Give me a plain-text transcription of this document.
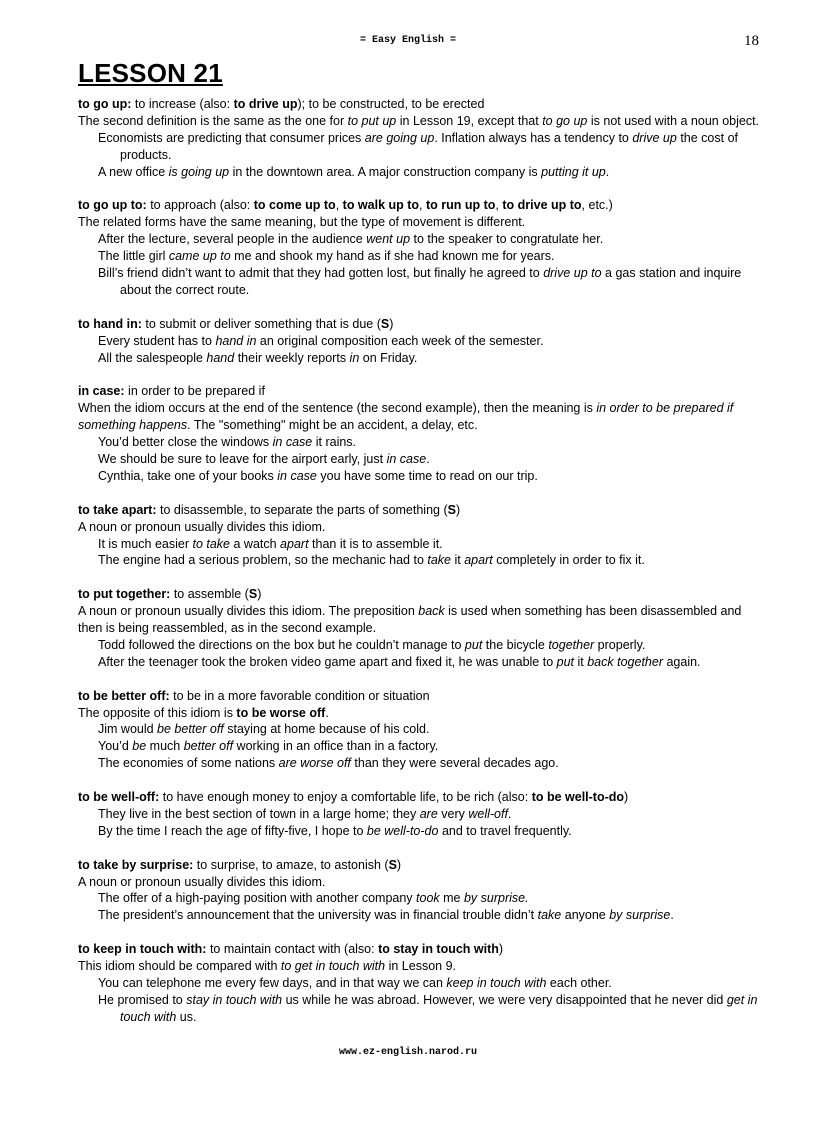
= Easy English =	18
LESSON 21

to go up: to increase (also: to drive up); to be constructed, to be erected

The second definition is the same as the one for to put up in Lesson 19, except that to go up is not used with a noun object.

Economists are predicting that consumer prices are going up. Inflation always has a tendency to drive up the cost of products.

A new office is going up in the downtown area. A major construction company is putting it up.

to go up to: to approach (also: to come up to, to walk up to, to run up to, to drive up to, etc.)

The related forms have the same meaning, but the type of movement is different.

After the lecture, several people in the audience went up to the speaker to congratulate her.

The little girl came up to me and shook my hand as if she had known me for years.

Bill’s friend didn’t want to admit that they had gotten lost, but finally he agreed to drive up to a gas station and inquire about the correct route.

to hand in: to submit or deliver something that is due (S)

Every student has to hand in an original composition each week of the semester.

All the salespeople hand their weekly reports in on Friday.

in case: in order to be prepared if

When the idiom occurs at the end of the sentence (the second example), then the meaning is in order to be prepared if something happens. The "something" might be an accident, a delay, etc.

You’d better close the windows in case it rains.

We should be sure to leave for the airport early, just in case.

Cynthia, take one of your books in case you have some time to read on our trip.

to take apart: to disassemble, to separate the parts of something (S)

A noun or pronoun usually divides this idiom.

It is much easier to take a watch apart than it is to assemble it.

The engine had a serious problem, so the mechanic had to take it apart completely in order to fix it.

to put together: to assemble (S)

A noun or pronoun usually divides this idiom. The preposition back is used when something has been disassembled and then is being reassembled, as in the second example.

Todd followed the directions on the box but he couldn’t manage to put the bicycle together properly.

After the teenager took the broken video game apart and fixed it, he was unable to put it back together again.

to be better off: to be in a more favorable condition or situation

The opposite of this idiom is to be worse off.

Jim would be better off staying at home because of his cold.

You’d be much better off working in an office than in a factory.

The economies of some nations are worse off than they were several decades ago.

to be well-off: to have enough money to enjoy a comfortable life, to be rich (also: to be well-to-do)

They live in the best section of town in a large home; they are very well-off.

By the time I reach the age of fifty-five, I hope to be well-to-do and to travel frequently.

to take by surprise: to surprise, to amaze, to astonish (S)

A noun or pronoun usually divides this idiom.

The offer of a high-paying position with another company took me by surprise.

The president’s announcement that the university was in financial trouble didn’t take anyone by surprise.

to keep in touch with: to maintain contact with (also: to stay in touch with)

This idiom should be compared with to get in touch with in Lesson 9.

You can telephone me every few days, and in that way we can keep in touch with each other.

He promised to stay in touch with us while he was abroad. However, we were very disappointed that he never did get in touch with us.

www.ez-english.narod.ru
